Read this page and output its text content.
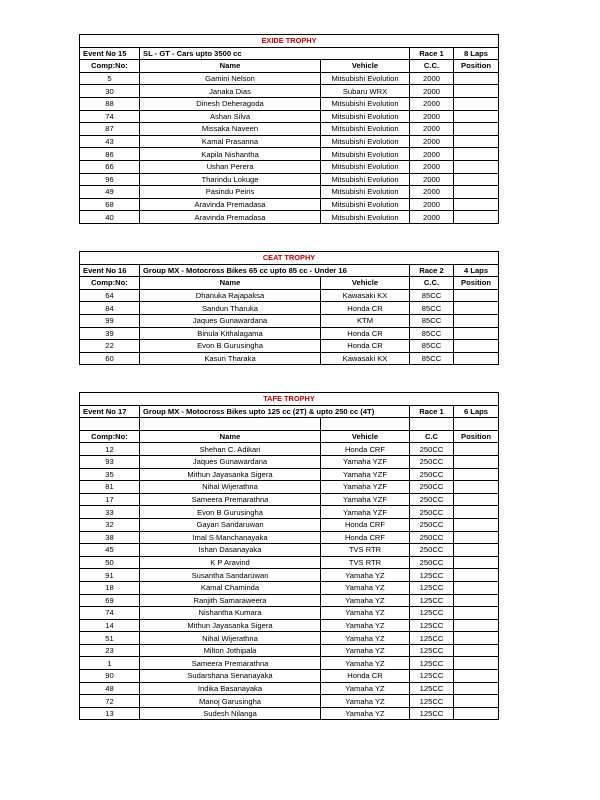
EXIDE TROPHY				
Event No 15	SL - GT - Cars upto 3500 cc		Race 1	8 Laps
Comp:No:	Name	Vehicle	C.C.	Position
5	Gamini Nelson	Mitsubishi Evolution	2000	
30	Janaka Dias	Subaru WRX	2000	
88	Dinesh Deheragoda	Mitsubishi Evolution	2000	
74	Ashan Silva	Mitsubishi Evolution	2000	
87	Missaka Naveen	Mitsubishi Evolution	2000	
43	Kamal Prasanna	Mitsubishi Evolution	2000	
86	Kapila Nishantha	Mitsubishi Evolution	2000	
66	Ushan Perera	Mitsubishi Evolution	2000	
96	Tharindu Lokuge	Mitsubishi Evolution	2000	
49	Pasindu Peiris	Mitsubishi Evolution	2000	
68	Aravinda Premadasa	Mitsubishi Evolution	2000	
40	Aravinda Premadasa	Mitsubishi Evolution	2000	
CEAT TROPHY				
Event No 16	Group MX - Motocross Bikes 65 cc upto 85 cc - Under 16		Race 2	4 Laps
Comp:No:	Name	Vehicle	C.C.	Position
64	Dhanuka Rajapaksa	Kawasaki KX	85CC	
84	Sandun Tharuka	Honda CR	85CC	
99	Jaques Gunawardana	KTM	85CC	
39	Binula Kithalagama	Honda CR	85CC	
22	Evon B Gurusingha	Honda CR	85CC	
60	Kasun Tharaka	Kawasaki KX	85CC	
TAFE TROPHY				
Event No 17	Group MX - Motocross Bikes upto 125 cc (2T) & upto 250 cc (4T)		Race 1	6 Laps

Comp:No:	Name	Vehicle	C.C	Position
12	Shehan C. Adikari	Honda CRF	250CC	
93	Jaques Gunawardana	Yamaha YZF	250CC	
35	Mithun Jayasanka Sigera	Yamaha YZF	250CC	
81	Nihal Wijerathna	Yamaha YZF	250CC	
17	Sameera Premarathna	Yamaha YZF	250CC	
33	Evon B Gurusingha	Yamaha YZF	250CC	
32	Gayan Sandaruwan	Honda CRF	250CC	
38	Imal S Manchanayaka	Honda CRF	250CC	
45	Ishan Dasanayaka	TVS RTR	250CC	
50	K P Aravind	TVS RTR	250CC	
91	Susantha Sandaruwan	Yamaha YZ	125CC	
18	Kamal Chaminda	Yamaha YZ	125CC	
69	Ranjith Samaraweera	Yamaha YZ	125CC	
74	Nishantha Kumara	Yamaha YZ	125CC	
14	Mithun Jayasanka Sigera	Yamaha YZ	125CC	
51	Nihal Wijerathna	Yamaha YZ	125CC	
23	Milton Jothipala	Yamaha YZ	125CC	
1	Sameera Premarathna	Yamaha YZ	125CC	
90	Sudarshana Senanayaka	Honda CR	125CC	
48	Indika Basanayaka	Yamaha YZ	125CC	
72	Manoj Garusingha	Yamaha YZ	125CC	
13	Sudesh Nilanga	Yamaha YZ	125CC	
